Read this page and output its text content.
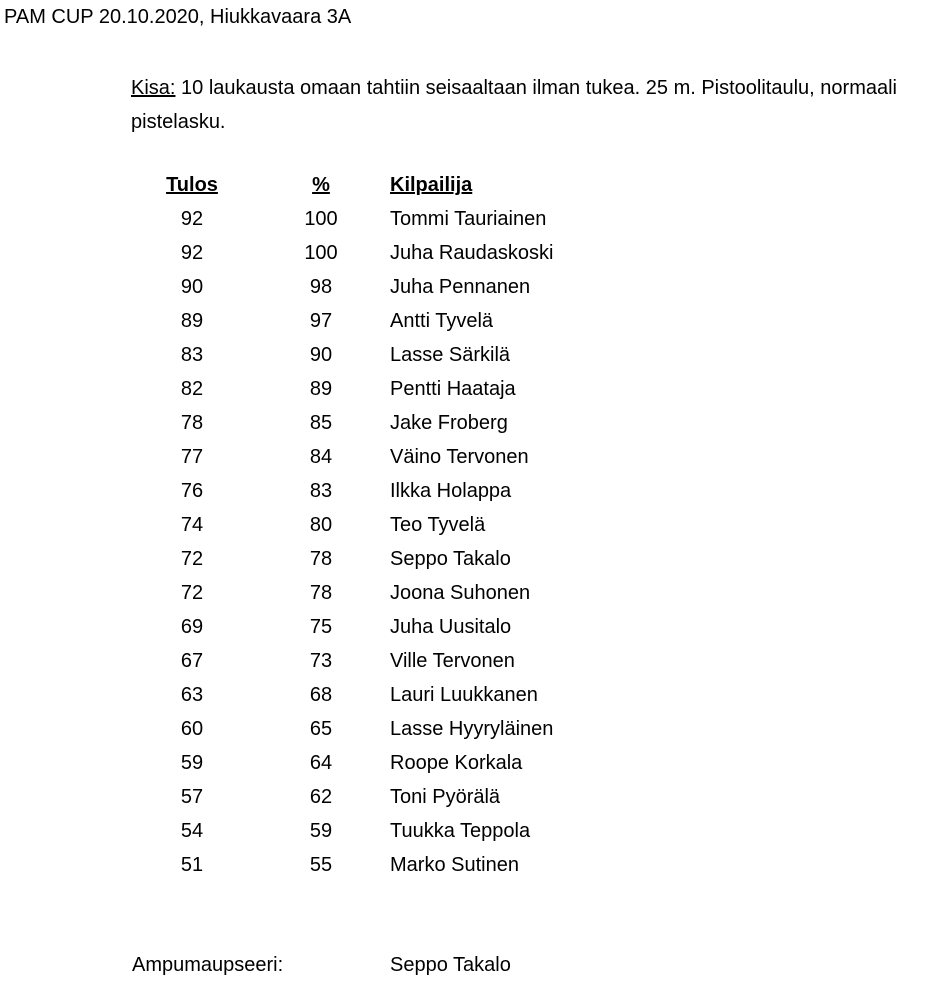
PAM CUP 20.10.2020, Hiukkavaara 3A
Kisa: 10 laukausta omaan tahtiin seisaaltaan ilman tukea. 25 m. Pistoolitaulu, normaali pistelasku.
Tulos	%	Kilpailija
92	100	Tommi Tauriainen
92	100	Juha Raudaskoski
90	98	Juha Pennanen
89	97	Antti Tyvelä
83	90	Lasse Särkilä
82	89	Pentti Haataja
78	85	Jake Froberg
77	84	Väino Tervonen
76	83	Ilkka Holappa
74	80	Teo Tyvelä
72	78	Seppo Takalo
72	78	Joona Suhonen
69	75	Juha Uusitalo
67	73	Ville Tervonen
63	68	Lauri Luukkanen
60	65	Lasse Hyyryläinen
59	64	Roope Korkala
57	62	Toni Pyörälä
54	59	Tuukka Teppola
51	55	Marko Sutinen
Ampumaupseeri:	Seppo Takalo
